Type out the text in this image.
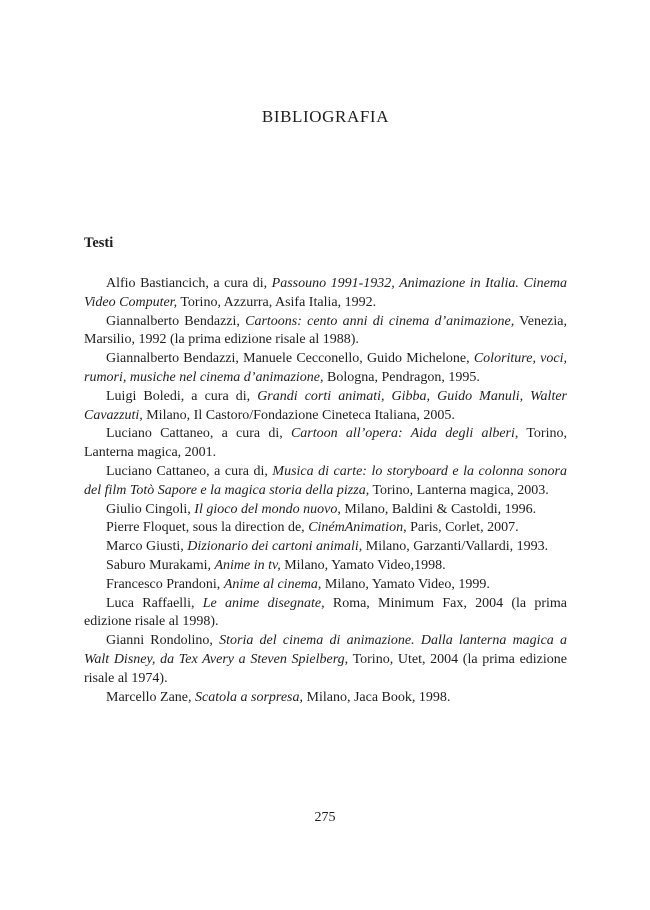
BIBLIOGRAFIA
Testi

Alfio Bastiancich, a cura di, Passouno 1991-1932, Animazione in Italia. Cinema Video Computer, Torino, Azzurra, Asifa Italia, 1992.

Giannalberto Bendazzi, Cartoons: cento anni di cinema d’animazione, Venezia, Marsilio, 1992 (la prima edizione risale al 1988).

Giannalberto Bendazzi, Manuele Cecconello, Guido Michelone, Coloriture, voci, rumori, musiche nel cinema d’animazione, Bologna, Pendragon, 1995.

Luigi Boledi, a cura di, Grandi corti animati, Gibba, Guido Manuli, Walter Cavazzuti, Milano, Il Castoro/Fondazione Cineteca Italiana, 2005.

Luciano Cattaneo, a cura di, Cartoon all’opera: Aida degli alberi, Torino, Lanterna magica, 2001.

Luciano Cattaneo, a cura di, Musica di carte: lo storyboard e la colonna sonora del film Totò Sapore e la magica storia della pizza, Torino, Lanterna magica, 2003.

Giulio Cingoli, Il gioco del mondo nuovo, Milano, Baldini & Castoldi, 1996.

Pierre Floquet, sous la direction de, CinémAnimation, Paris, Corlet, 2007.

Marco Giusti, Dizionario dei cartoni animali, Milano, Garzanti/Vallardi, 1993.

Saburo Murakami, Anime in tv, Milano, Yamato Video,1998.

Francesco Prandoni, Anime al cinema, Milano, Yamato Video, 1999.

Luca Raffaelli, Le anime disegnate, Roma, Minimum Fax, 2004 (la prima edizione risale al 1998).

Gianni Rondolino, Storia del cinema di animazione. Dalla lanterna magica a Walt Disney, da Tex Avery a Steven Spielberg, Torino, Utet, 2004 (la prima edizione risale al 1974).

Marcello Zane, Scatola a sorpresa, Milano, Jaca Book, 1998.

275
